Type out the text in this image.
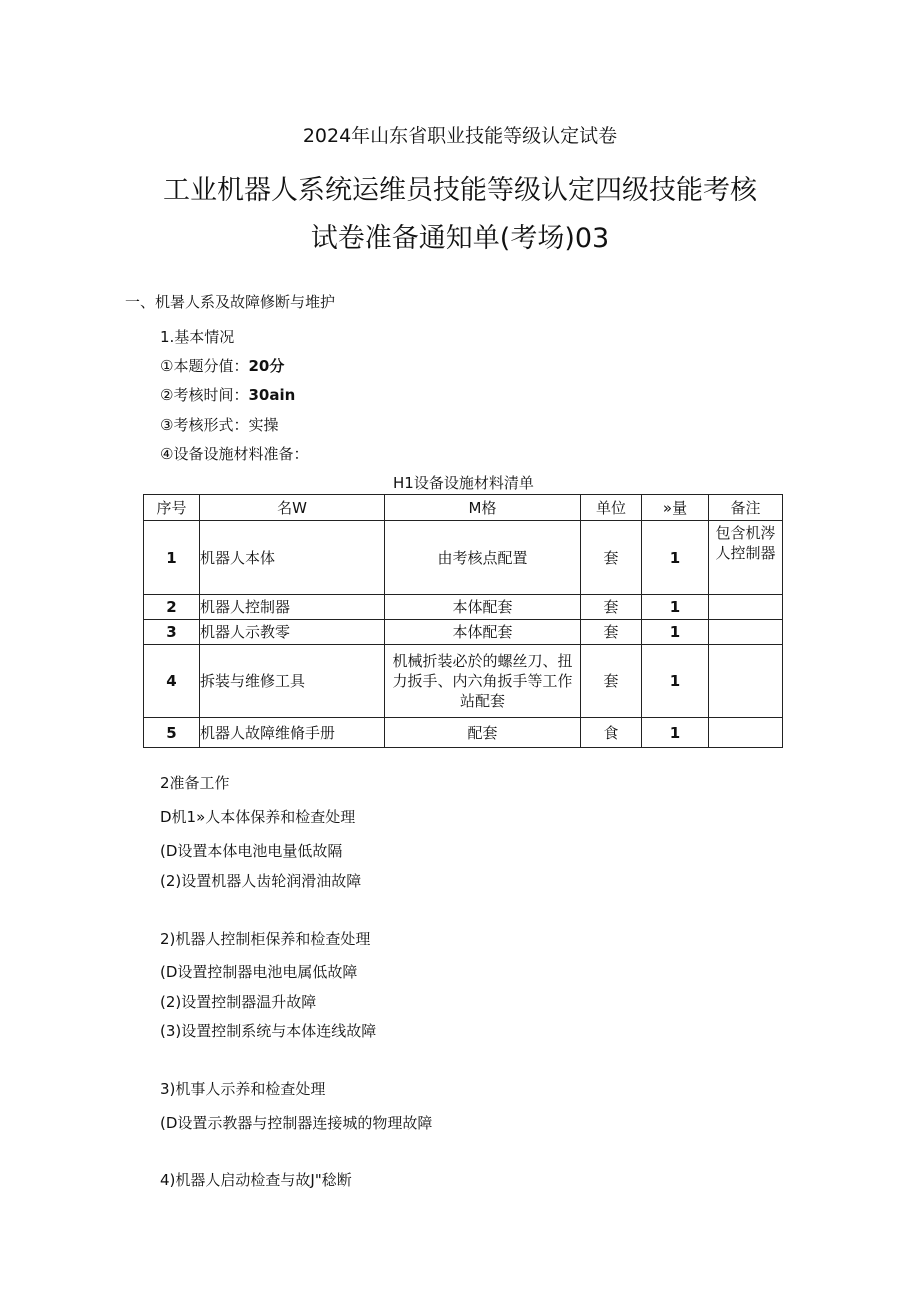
2024年山东省职业技能等级认定试卷
工业机器人系统运维员技能等级认定四级技能考核
试卷准备通知单(考场)03
一、机暑人系及故障修断与堆护
1.基本情况
①本题分值：20分
②考核时间：30ain
③考核形式：实操
④设备设施材料准备：
H1设备设施材料清单
序号	名W	M格	单位	»量	备注
1	机器人本体	由考核点配置	套	1	包含机涔人控制器
2	机器人控制器	本体配套	套	1	
3	机器人示教零	本体配套	套	1	
4	拆装与维修工具	机械折装必於的螺丝刀、扭力扳手、内六角扳手等工作站配套	套	1	
5	机器人故障维脩手册	配套	食	1	
2准备工作
D机1»人本体保养和检查处理
(D设置本体电池电量低故隔
(2)设置机器人齿轮润滑油故障
2)机器人控制柜保养和检查处理
(D设置控制器电池电属低故障
(2)设置控制器温升故障
(3)设置控制系统与本体连线故障
3)机事人示养和检查处理
(D设置示教器与控制器连接城的物理故障
4)机器人启动检查与故J"稔断
